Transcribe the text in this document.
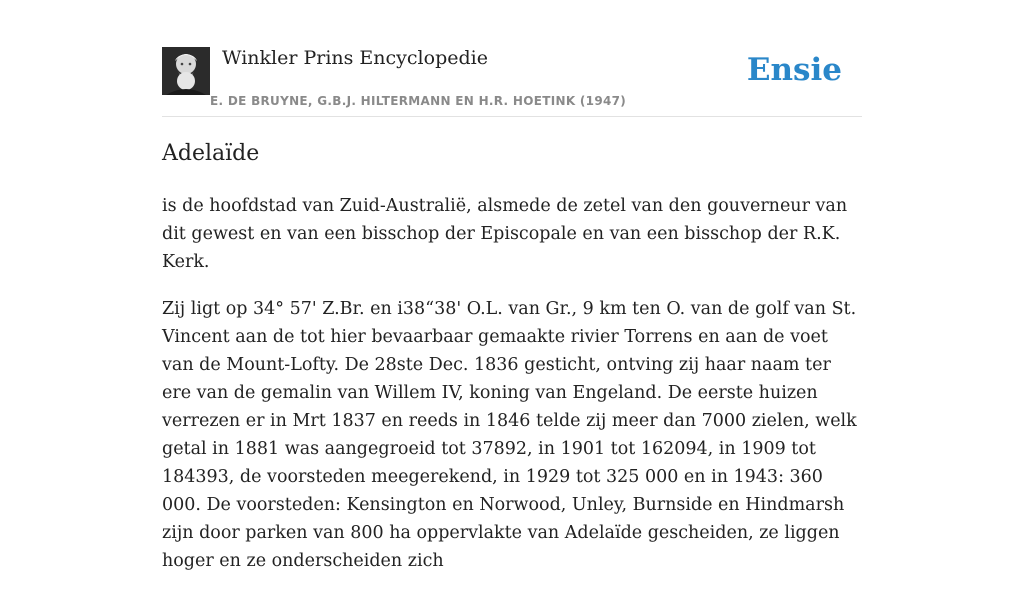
Winkler Prins Encyclopedie
E. DE BRUYNE, G.B.J. HILTERMANN EN H.R. HOETINK (1947)
Ensie
Adelaïde

is de hoofdstad van Zuid-Australië, alsmede de zetel van den gouverneur van dit gewest en van een bisschop der Episcopale en van een bisschop der R.K. Kerk.

Zij ligt op 34° 57' Z.Br. en i38“38' O.L. van Gr., 9 km ten O. van de golf van St. Vincent aan de tot hier bevaarbaar gemaakte rivier Torrens en aan de voet van de Mount-Lofty. De 28ste Dec. 1836 gesticht, ontving zij haar naam ter ere van de gemalin van Willem IV, koning van Engeland. De eerste huizen verrezen er in Mrt 1837 en reeds in 1846 telde zij meer dan 7000 zielen, welk getal in 1881 was aangegroeid tot 37892, in 1901 tot 162094, in 1909 tot 184393, de voorsteden meegerekend, in 1929 tot 325 000 en in 1943: 360 000. De voorsteden: Kensington en Norwood, Unley, Burnside en Hindmarsh zijn door parken van 800 ha oppervlakte van Adelaïde gescheiden, ze liggen hoger en ze onderscheiden zich
